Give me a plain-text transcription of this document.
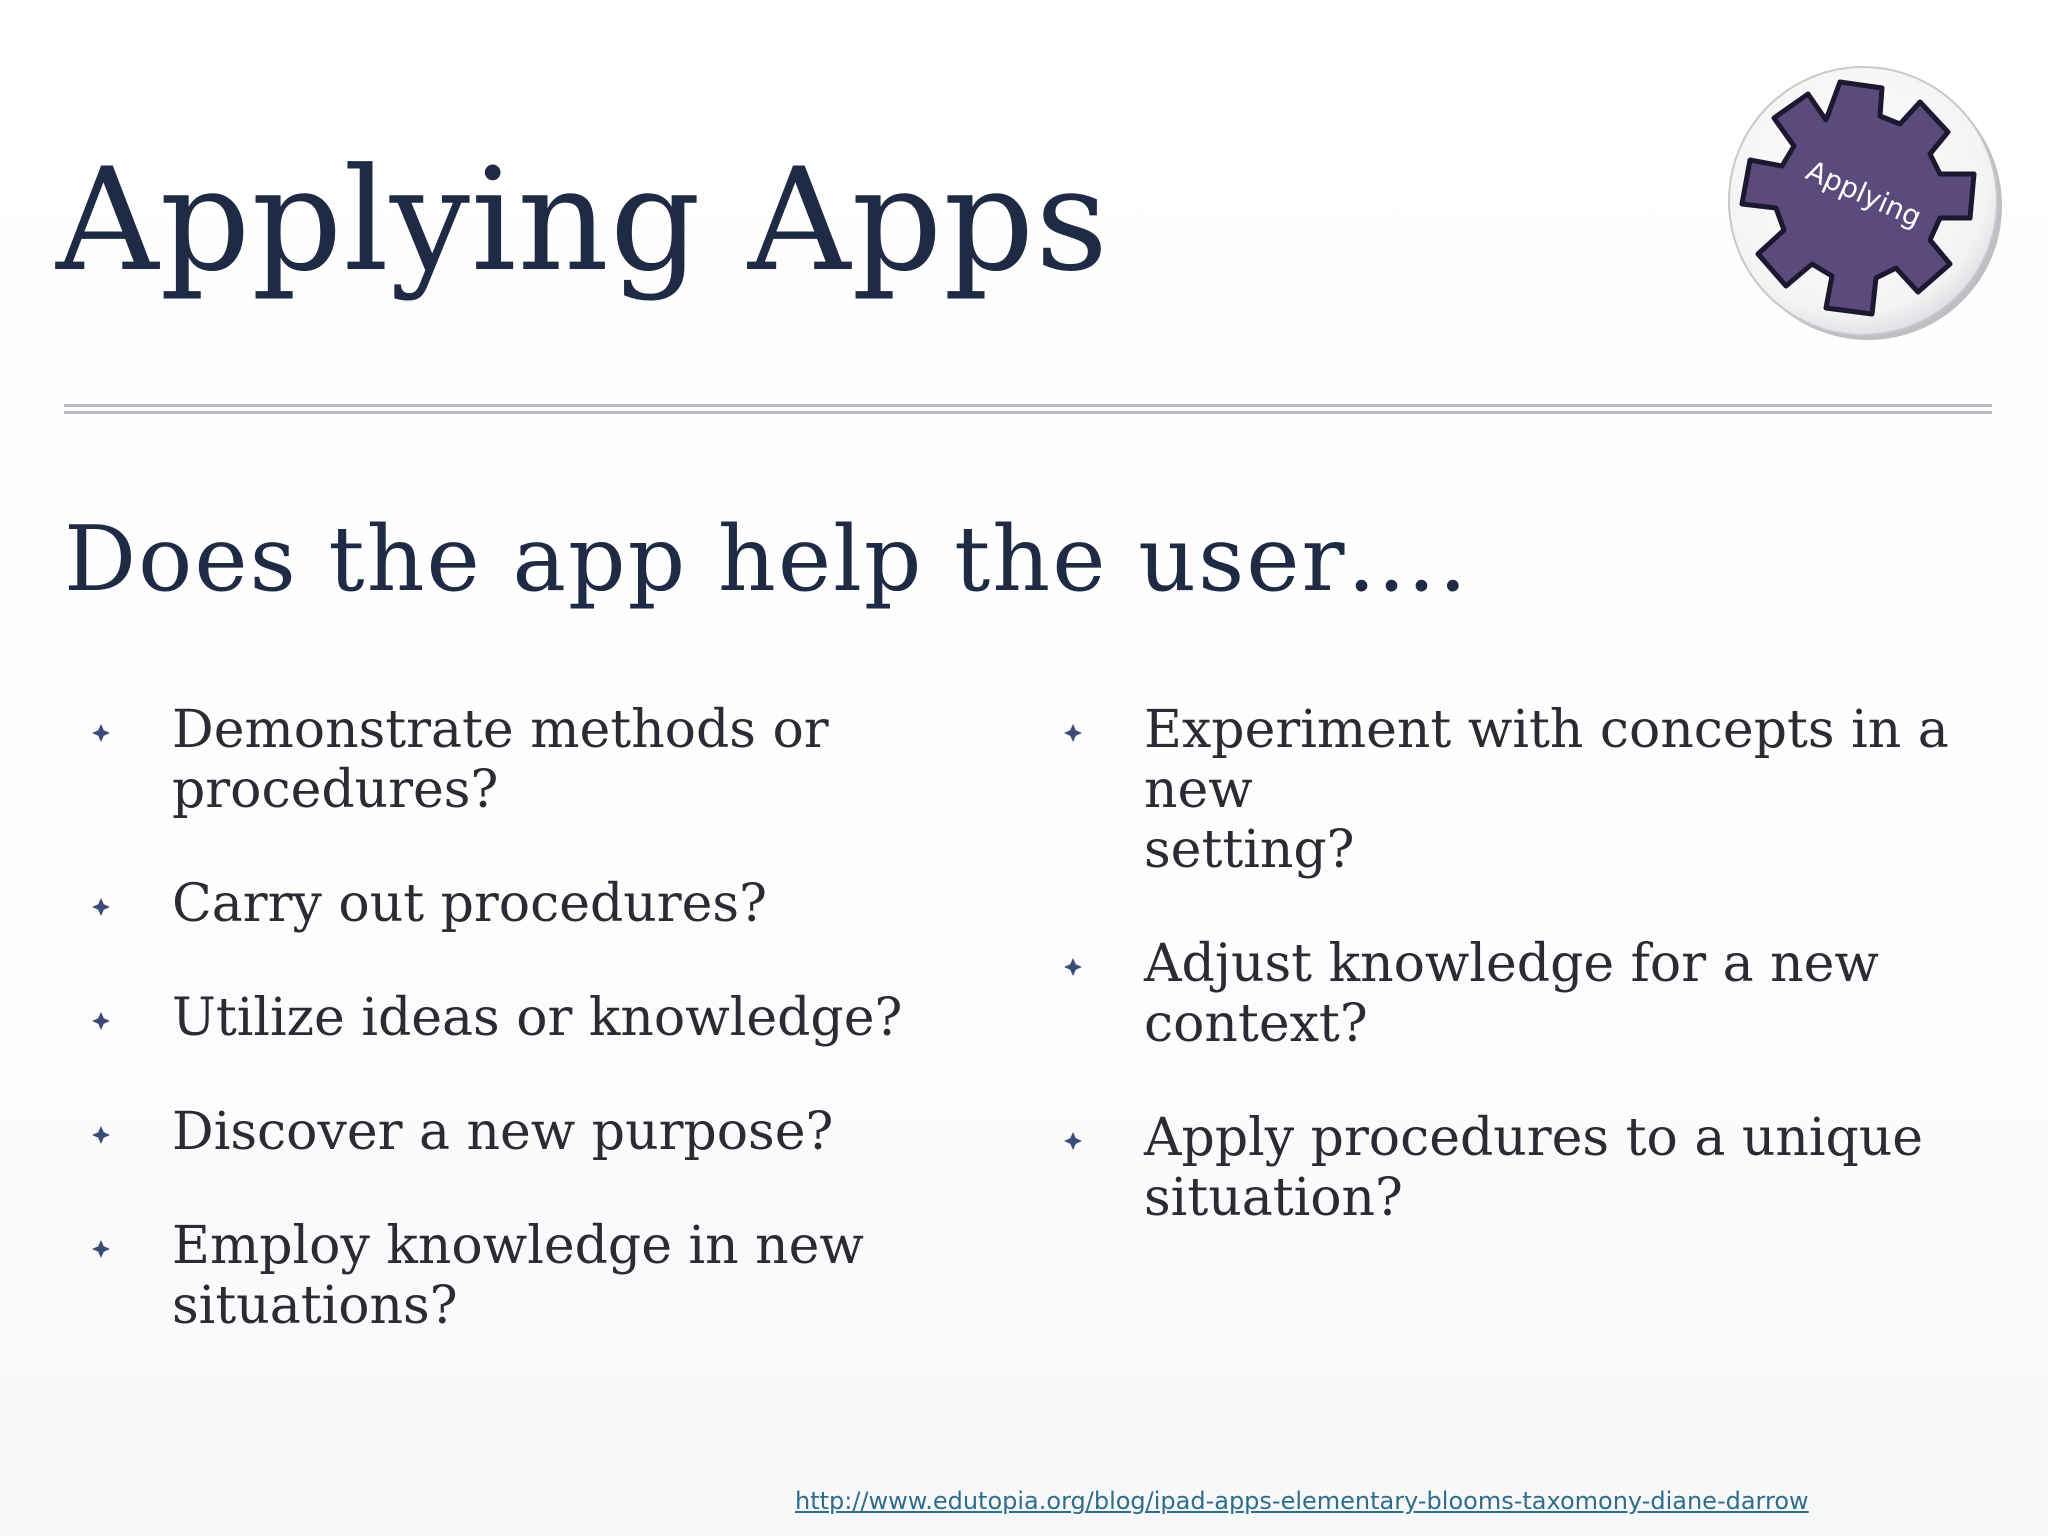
Applying Apps	Applying
Does the app help the user….
Demonstrate methods or
procedures?
Carry out procedures?
Utilize ideas or knowledge?
Discover a new purpose?
Employ knowledge in new
situations?
Experiment with concepts in a new
setting?
Adjust knowledge for a new
context?
Apply procedures to a unique
situation?
http://www.edutopia.org/blog/ipad-apps-elementary-blooms-taxomony-diane-darrow
